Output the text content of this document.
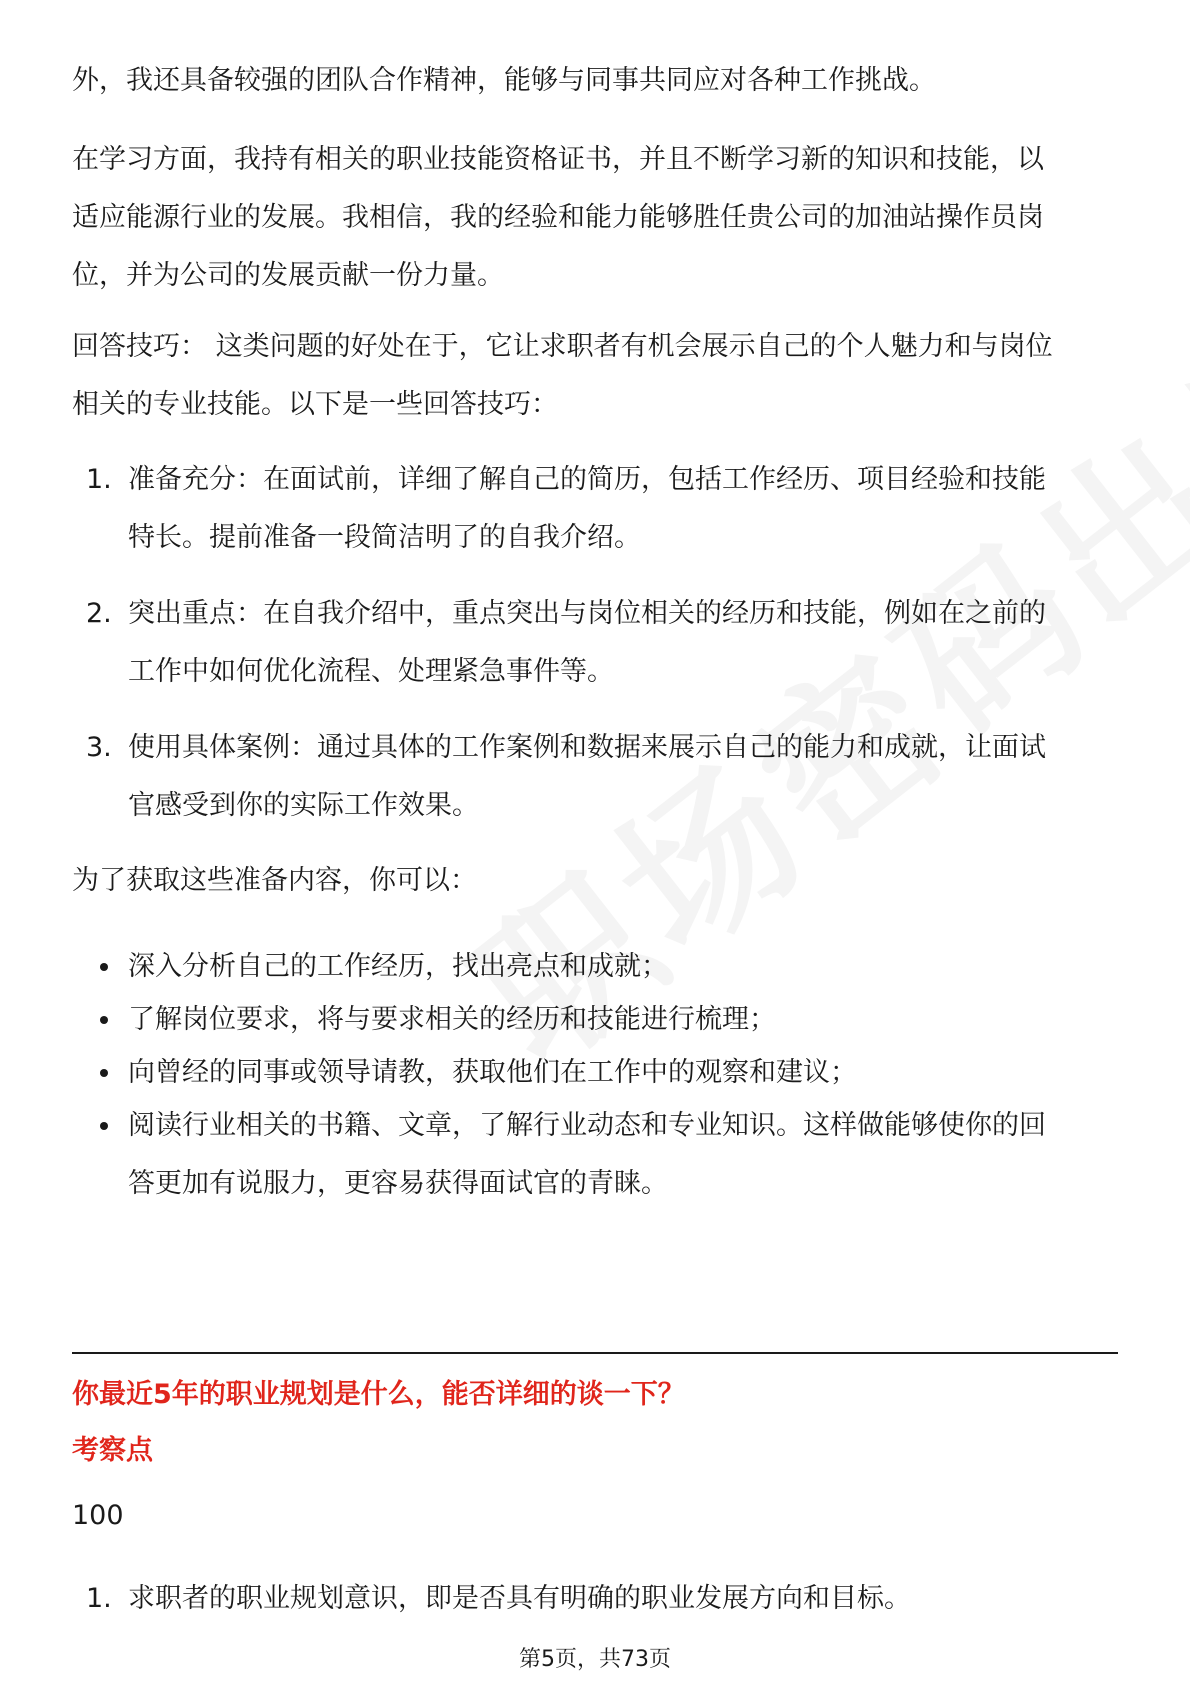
外，我还具备较强的团队合作精神，能够与同事共同应对各种工作挑战。
在学习方面，我持有相关的职业技能资格证书，并且不断学习新的知识和技能，以
适应能源行业的发展。我相信，我的经验和能力能够胜任贵公司的加油站操作员岗
位，并为公司的发展贡献一份力量。
回答技巧： 这类问题的好处在于，它让求职者有机会展示自己的个人魅力和与岗位
相关的专业技能。以下是一些回答技巧：
1. 准备充分：在面试前，详细了解自己的简历，包括工作经历、项目经验和技能
特长。提前准备一段简洁明了的自我介绍。
2. 突出重点：在自我介绍中，重点突出与岗位相关的经历和技能，例如在之前的
工作中如何优化流程、处理紧急事件等。
3. 使用具体案例：通过具体的工作案例和数据来展示自己的能力和成就，让面试
官感受到你的实际工作效果。
为了获取这些准备内容，你可以：
深入分析自己的工作经历，找出亮点和成就；
了解岗位要求，将与要求相关的经历和技能进行梳理；
向曾经的同事或领导请教，获取他们在工作中的观察和建议；
阅读行业相关的书籍、文章，了解行业动态和专业知识。这样做能够使你的回
答更加有说服力，更容易获得面试官的青睐。
你最近5年的职业规划是什么，能否详细的谈一下？
考察点
100
1. 求职者的职业规划意识，即是否具有明确的职业发展方向和目标。
第5页，共73页
